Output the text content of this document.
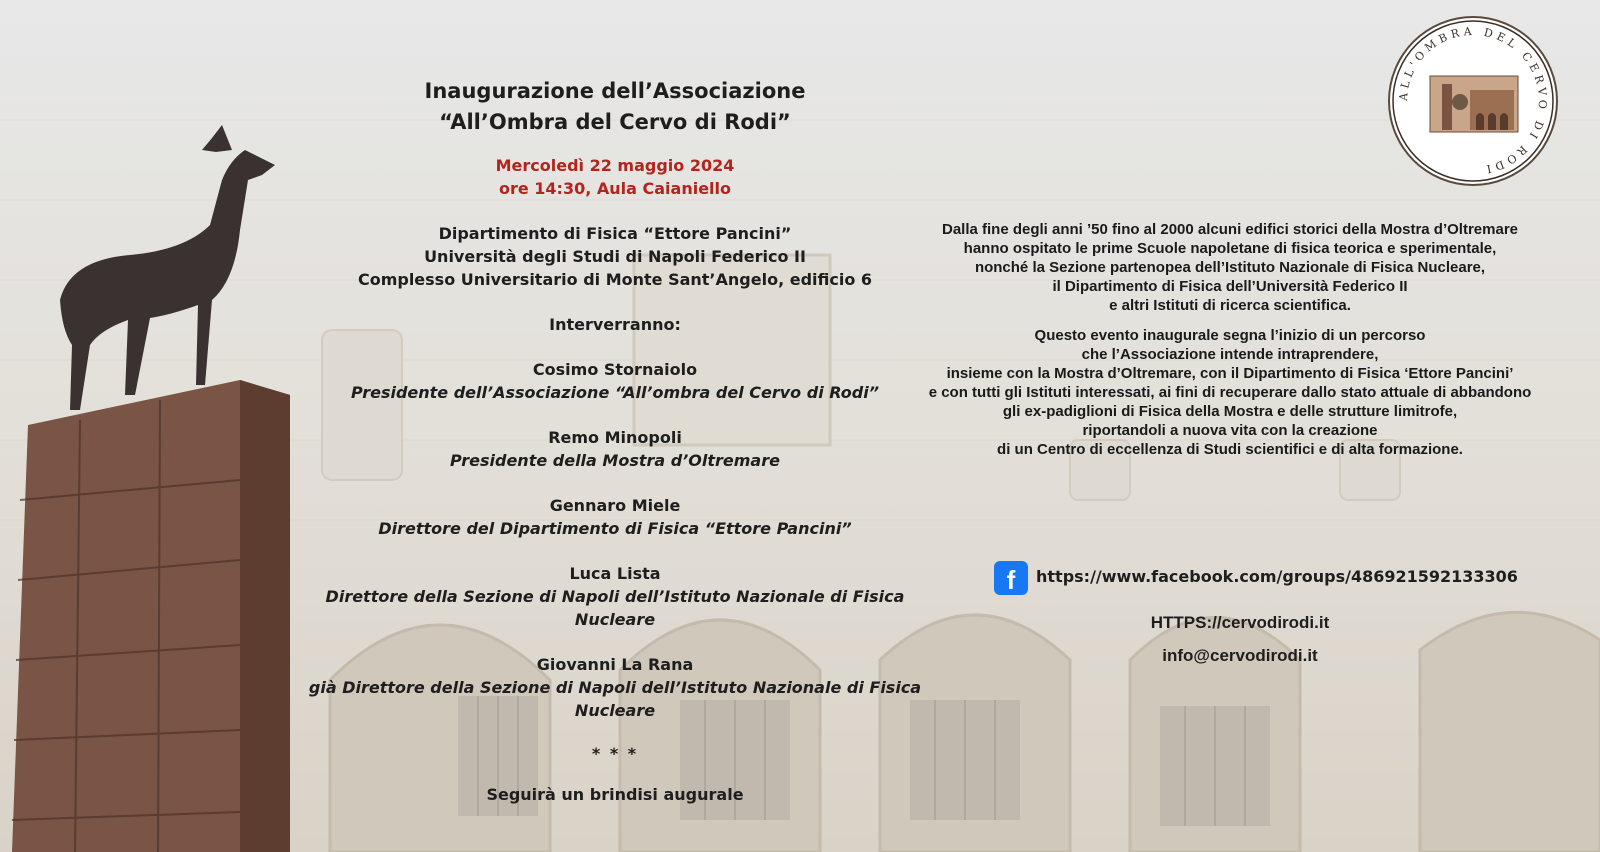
Inaugurazione dell’Associazione
“All’Ombra del Cervo di Rodi”
Mercoledì 22 maggio 2024
ore 14:30, Aula Caianiello
Dipartimento di Fisica “Ettore Pancini”
Università degli Studi di Napoli Federico II
Complesso Universitario di Monte Sant’Angelo, edificio 6
Interverranno:
Cosimo Stornaiolo
Presidente dell’Associazione “All’ombra del Cervo di Rodi”
Remo Minopoli
Presidente della Mostra d’Oltremare
Gennaro Miele
Direttore del Dipartimento di Fisica “Ettore Pancini”
Luca Lista
Direttore della Sezione di Napoli dell’Istituto Nazionale di Fisica Nucleare
Giovanni La Rana
già Direttore della Sezione di Napoli dell’Istituto Nazionale di Fisica Nucleare
* * *
Seguirà un brindisi augurale
Dalla fine degli anni ’50 fino al 2000 alcuni edifici storici della Mostra d’Oltremare
hanno ospitato le prime Scuole napoletane di fisica teorica e sperimentale,
nonché la Sezione partenopea dell’Istituto Nazionale di Fisica Nucleare,
il Dipartimento di Fisica dell’Università Federico II
e altri Istituti di ricerca scientifica.
Questo evento inaugurale segna l’inizio di un percorso
che l’Associazione intende intraprendere,
insieme con la Mostra d’Oltremare, con il Dipartimento di Fisica ‘Ettore Pancini’
e con tutti gli Istituti interessati, ai fini di recuperare dallo stato attuale di abbandono
gli ex-padiglioni di Fisica della Mostra e delle strutture limitrofe,
riportandoli a nuova vita con la creazione
di un Centro di eccellenza di Studi scientifici e di alta formazione.
f	https://www.facebook.com/groups/486921592133306
HTTPS://cervodirodi.it
info@cervodirodi.it
ALL'OMBRA DEL CERVO DI RODI
